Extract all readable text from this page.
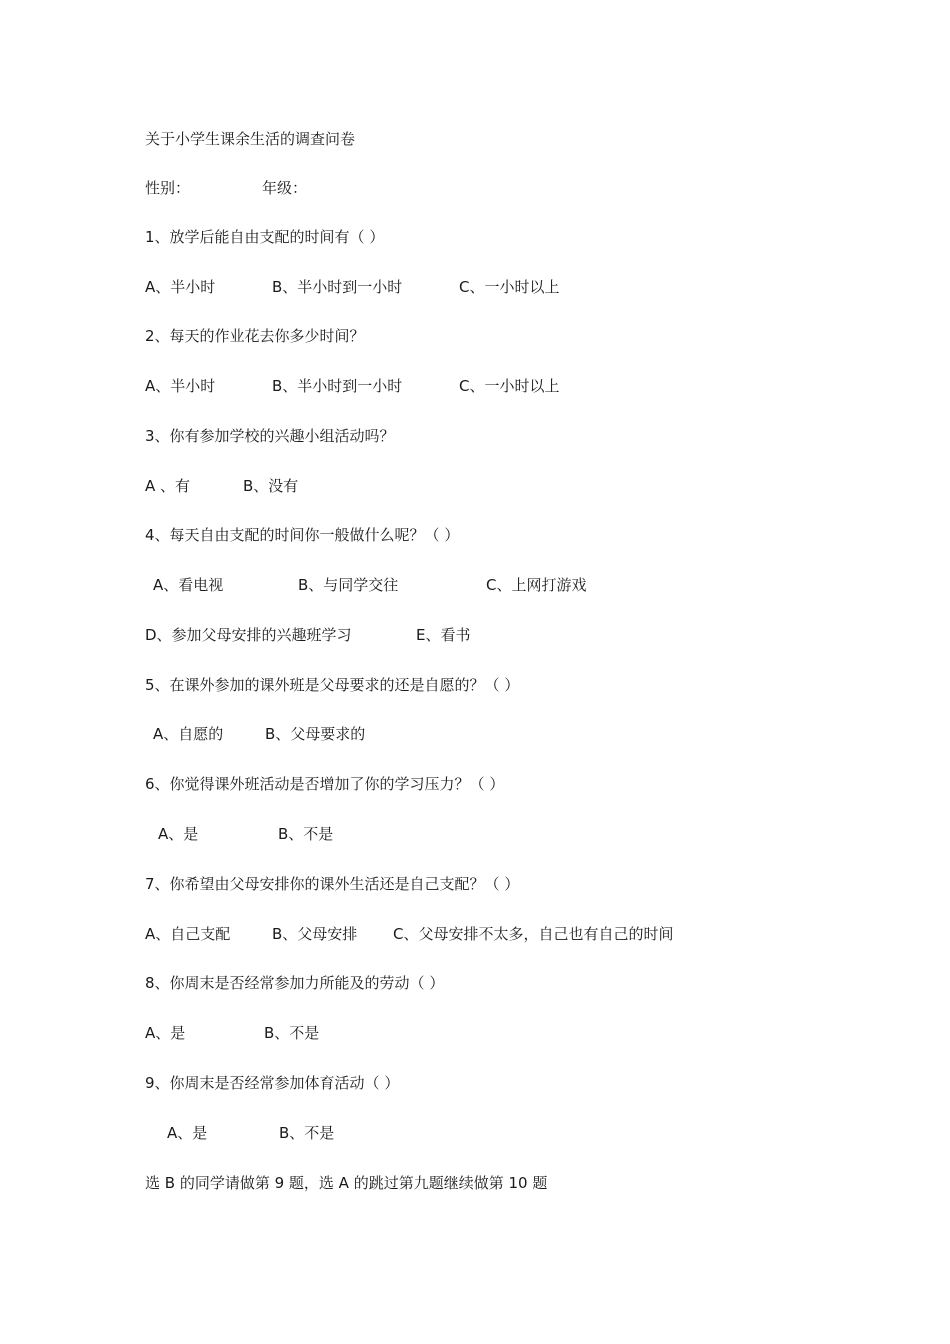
关于小学生课余生活的调查问卷
性别：	年级：
1、放学后能自由支配的时间有（ ）
A、半小时	B、半小时到一小时	C、一小时以上
2、每天的作业花去你多少时间？
A、半小时	B、半小时到一小时	C、一小时以上
3、你有参加学校的兴趣小组活动吗？
A 、有	B、没有
4、每天自由支配的时间你一般做什么呢？（ ）
A、看电视	B、与同学交往	C、上网打游戏
D、参加父母安排的兴趣班学习	E、看书
5、在课外参加的课外班是父母要求的还是自愿的？（ ）
A、自愿的	B、父母要求的
6、你觉得课外班活动是否增加了你的学习压力？（ ）
A、是	B、不是
7、你希望由父母安排你的课外生活还是自己支配？（ ）
A、自己支配	B、父母安排 C、父母安排不太多，自己也有自己的时间
8、你周末是否经常参加力所能及的劳动（ ）
A、是	B、不是
9、你周末是否经常参加体育活动（ ）
A、是	B、不是
选 B 的同学请做第 9 题，选 A 的跳过第九题继续做第 10 题
